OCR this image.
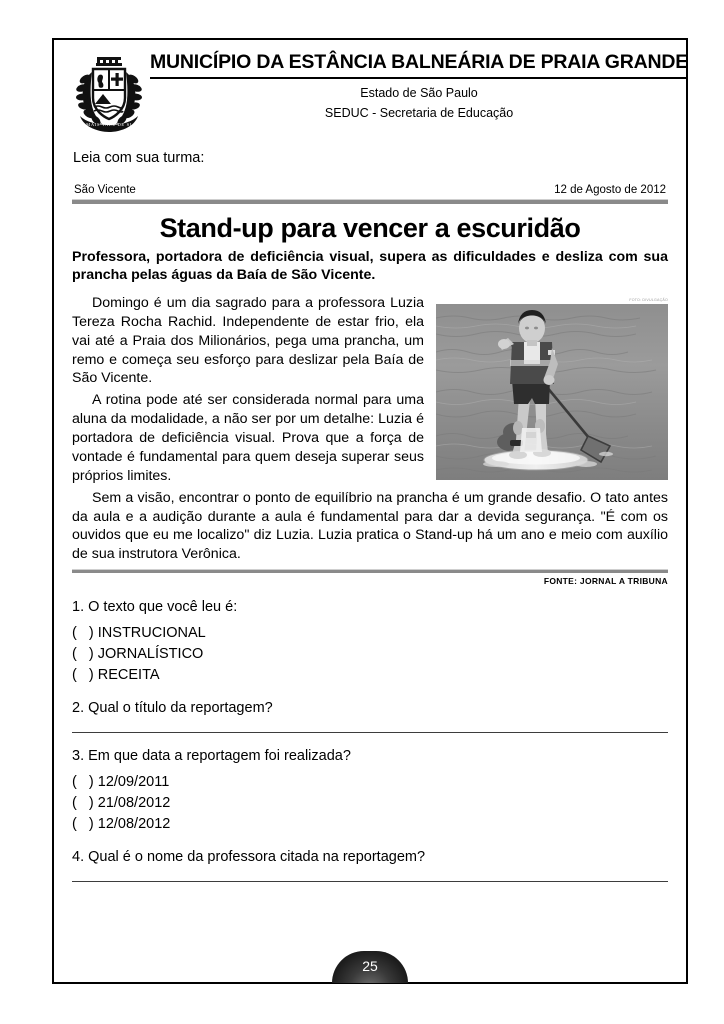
MAIS VALE DE SI
MUNICÍPIO DA ESTÂNCIA BALNEÁRIA DE PRAIA GRANDE
Estado de São Paulo
SEDUC - Secretaria de Educação
Leia com sua turma:
São Vicente	12 de Agosto de 2012
Stand-up para vencer a escuridão
Professora, portadora de deficiência visual, supera as dificuldades e desliza com sua prancha pelas águas da Baía de São Vicente.
FOTO: DIVULGAÇÃO

Domingo é um dia sagrado para a professora Luzia Tereza Rocha Rachid. Independente de estar frio, ela vai até a Praia dos Milionários, pega uma prancha, um remo e começa seu esforço para deslizar pela Baía de São Vicente.

A rotina pode até ser considerada normal para uma aluna da modalidade, a não ser por um detalhe: Luzia é portadora de deficiência visual. Prova que a força de vontade é fundamental para quem deseja superar seus próprios limites.

Sem a visão, encontrar o ponto de equilíbrio na prancha é um grande desafio. O tato antes da aula e a audição durante a aula é fundamental para dar a devida segurança. "É com os ouvidos que eu me localizo" diz Luzia. Luzia pratica o Stand-up há um ano e meio com auxílio de sua instrutora Verônica.

FONTE: JORNAL A TRIBUNA
1. O texto que você leu é:
(   ) INSTRUCIONAL
(   ) JORNALÍSTICO
(   ) RECEITA
2. Qual o título da reportagem?
3. Em que data a reportagem foi realizada?
(   ) 12/09/2011
(   ) 21/08/2012
(   ) 12/08/2012
4. Qual é o nome da professora citada na reportagem?
25
